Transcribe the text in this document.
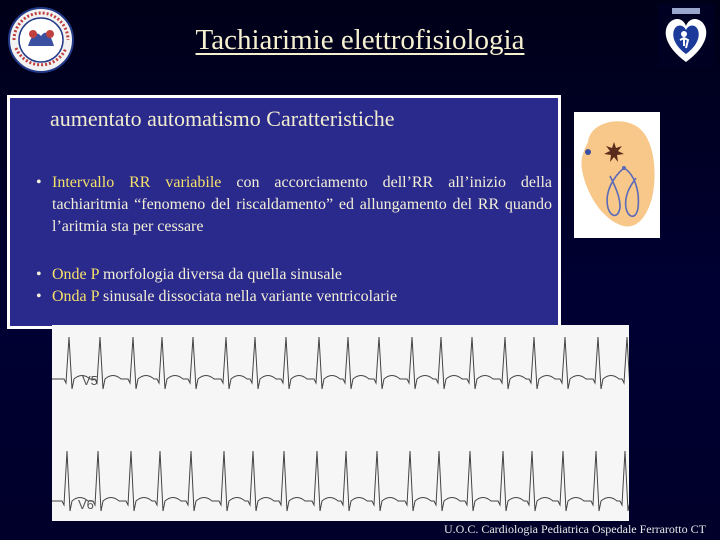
Tachiarimie elettrofisiologia
aumentato automatismo Caratteristiche
• Intervallo RR variabile con accorciamento dell’RR all’inizio della tachiaritmia “fenomeno del riscaldamento” ed allungamento del RR quando l’aritmia sta per cessare
• Onde P morfologia diversa da quella sinusale
• Onda P sinusale dissociata nella variante ventricolarie
V5
V6
U.O.C. Cardiologia Pediatrica Ospedale Ferrarotto CT
